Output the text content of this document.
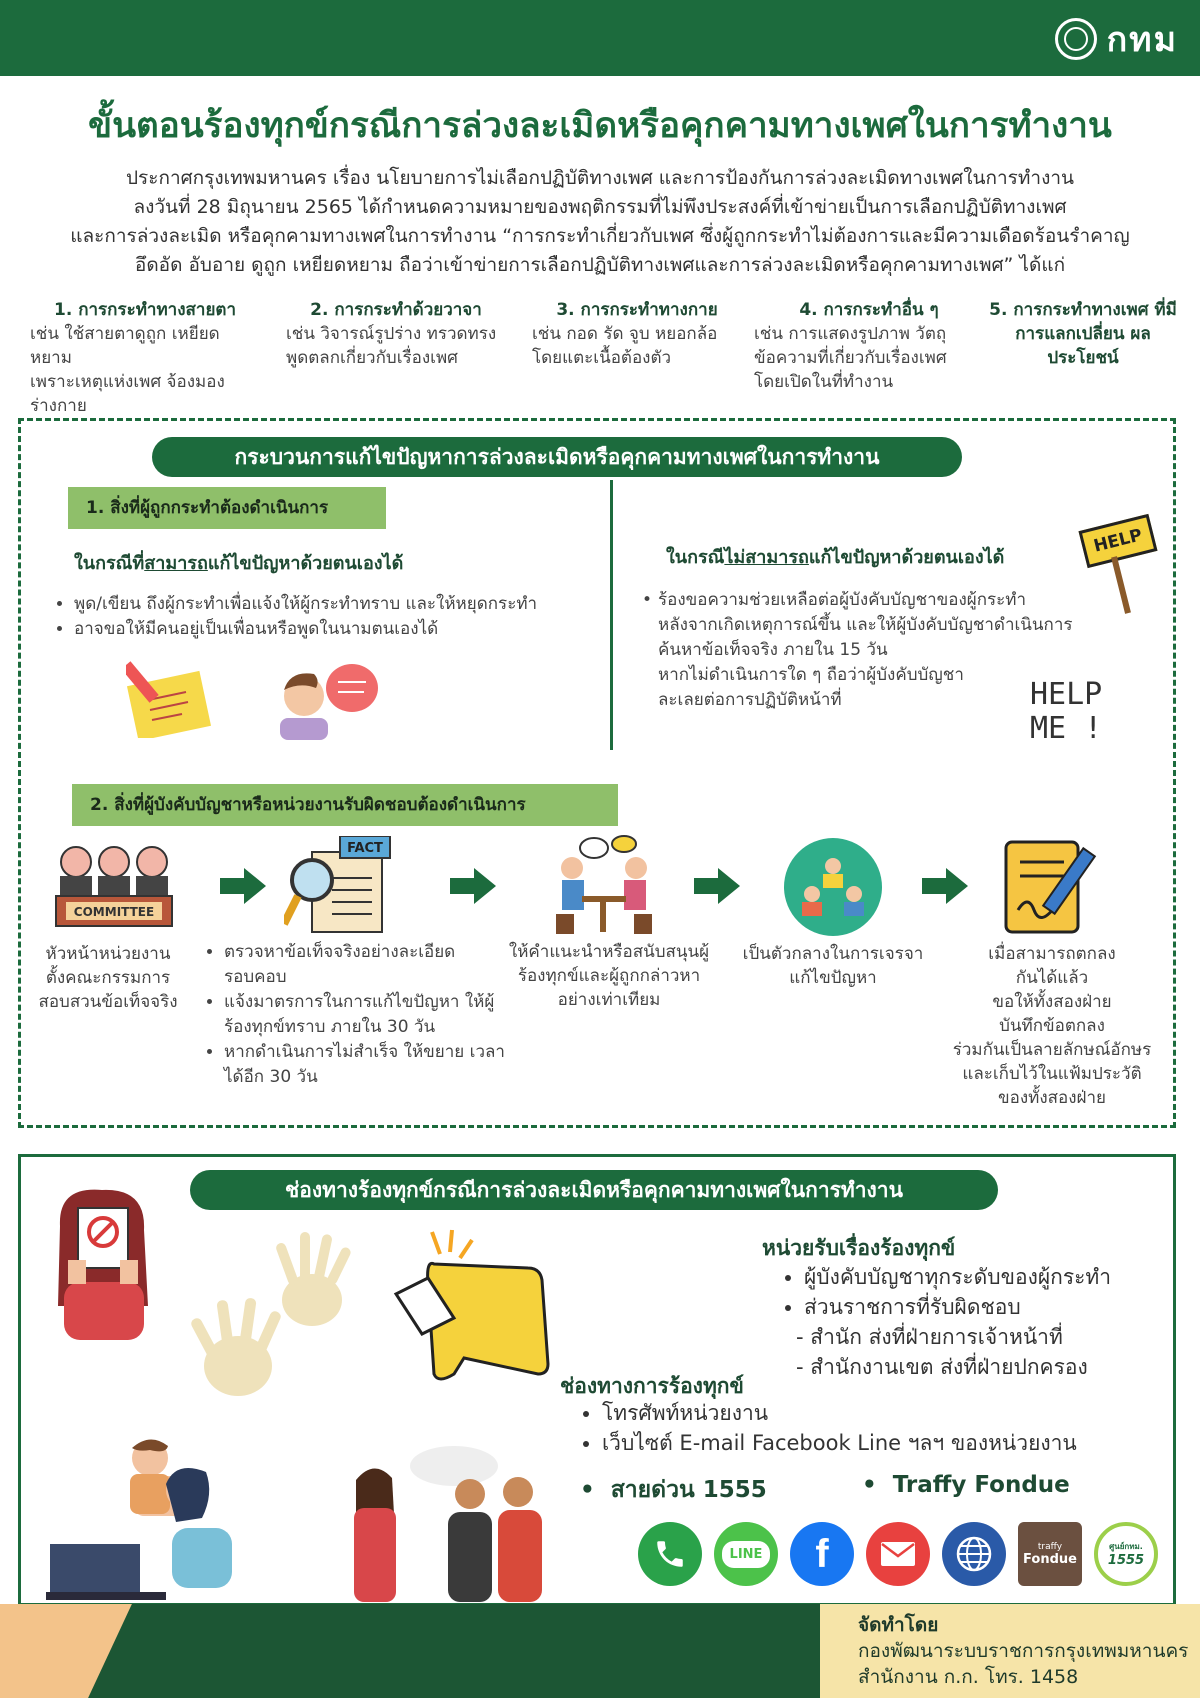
กทม
ขั้นตอนร้องทุกข์กรณีการล่วงละเมิดหรือคุกคามทางเพศในการทำงาน

ประกาศกรุงเทพมหานคร เรื่อง นโยบายการไม่เลือกปฏิบัติทางเพศ และการป้องกันการล่วงละเมิดทางเพศในการทำงาน

ลงวันที่ 28 มิถุนายน 2565 ได้กำหนดความหมายของพฤติกรรมที่ไม่พึงประสงค์ที่เข้าข่ายเป็นการเลือกปฏิบัติทางเพศ

และการล่วงละเมิด หรือคุกคามทางเพศในการทำงาน “การกระทำเกี่ยวกับเพศ ซึ่งผู้ถูกกระทำไม่ต้องการและมีความเดือดร้อนรำคาญ

อึดอัด อับอาย ดูถูก เหยียดหยาม ถือว่าเข้าข่ายการเลือกปฏิบัติทางเพศและการล่วงละเมิดหรือคุกคามทางเพศ” ได้แก่

1. การกระทำทางสายตา
เช่น ใช้สายตาดูถูก เหยียดหยาม
เพราะเหตุแห่งเพศ จ้องมอง
ร่างกาย
2. การกระทำด้วยวาจา
เช่น วิจารณ์รูปร่าง ทรวดทรง
พูดตลกเกี่ยวกับเรื่องเพศ
3. การกระทำทางกาย
เช่น กอด รัด จูบ หยอกล้อ
โดยแตะเนื้อต้องตัว
4. การกระทำอื่น ๆ
เช่น การแสดงรูปภาพ วัตถุ
ข้อความที่เกี่ยวกับเรื่องเพศ
โดยเปิดในที่ทำงาน
5. การกระทำทางเพศ ที่มีการแลกเปลี่ยน ผลประโยชน์
กระบวนการแก้ไขปัญหาการล่วงละเมิดหรือคุกคามทางเพศในการทำงาน
1. สิ่งที่ผู้ถูกกระทำต้องดำเนินการ
ในกรณีที่สามารถแก้ไขปัญหาด้วยตนเองได้
• พูด/เขียน ถึงผู้กระทำเพื่อแจ้งให้ผู้กระทำทราบ และให้หยุดกระทำ
• อาจขอให้มีคนอยู่เป็นเพื่อนหรือพูดในนามตนเองได้
ในกรณีไม่สามารถแก้ไขปัญหาด้วยตนเองได้
• ร้องขอความช่วยเหลือต่อผู้บังคับบัญชาของผู้กระทำ
หลังจากเกิดเหตุการณ์ขึ้น และให้ผู้บังคับบัญชาดำเนินการ
ค้นหาข้อเท็จจริง ภายใน 15 วัน
หากไม่ดำเนินการใด ๆ ถือว่าผู้บังคับบัญชา
ละเลยต่อการปฏิบัติหน้าที่
HELP
HELP ME !
2. สิ่งที่ผู้บังคับบัญชาหรือหน่วยงานรับผิดชอบต้องดำเนินการ
COMMITTEE
FACT
หัวหน้าหน่วยงาน
ตั้งคณะกรรมการ
สอบสวนข้อเท็จจริง
• ตรวจหาข้อเท็จจริงอย่างละเอียด รอบคอบ
• แจ้งมาตรการในการแก้ไขปัญหา ให้ผู้ร้องทุกข์ทราบ ภายใน 30 วัน
• หากดำเนินการไม่สำเร็จ ให้ขยาย เวลา ได้อีก 30 วัน
ให้คำแนะนำหรือสนับสนุนผู้
ร้องทุกข์และผู้ถูกกล่าวหา
อย่างเท่าเทียม
เป็นตัวกลางในการเจรจา
แก้ไขปัญหา
เมื่อสามารถตกลง
กันได้แล้ว
ขอให้ทั้งสองฝ่าย
บันทึกข้อตกลง
ร่วมกันเป็นลายลักษณ์อักษร
และเก็บไว้ในแฟ้มประวัติ
ของทั้งสองฝ่าย
ช่องทางร้องทุกข์กรณีการล่วงละเมิดหรือคุกคามทางเพศในการทำงาน
หน่วยรับเรื่องร้องทุกข์
• ผู้บังคับบัญชาทุกระดับของผู้กระทำ
• ส่วนราชการที่รับผิดชอบ
- สำนัก ส่งที่ฝ่ายการเจ้าหน้าที่
- สำนักงานเขต ส่งที่ฝ่ายปกครอง
ช่องทางการร้องทุกข์
• โทรศัพท์หน่วยงาน
• เว็บไซต์ E-mail Facebook Line ฯลฯ ของหน่วยงาน
•  สายด่วน 1555	•  Traffy Fondue
LINE	f	traffy
Fondue
ศูนย์กทม.
1555
จัดทำโดย
กองพัฒนาระบบราชการกรุงเทพมหานคร
สำนักงาน ก.ก. โทร. 1458
